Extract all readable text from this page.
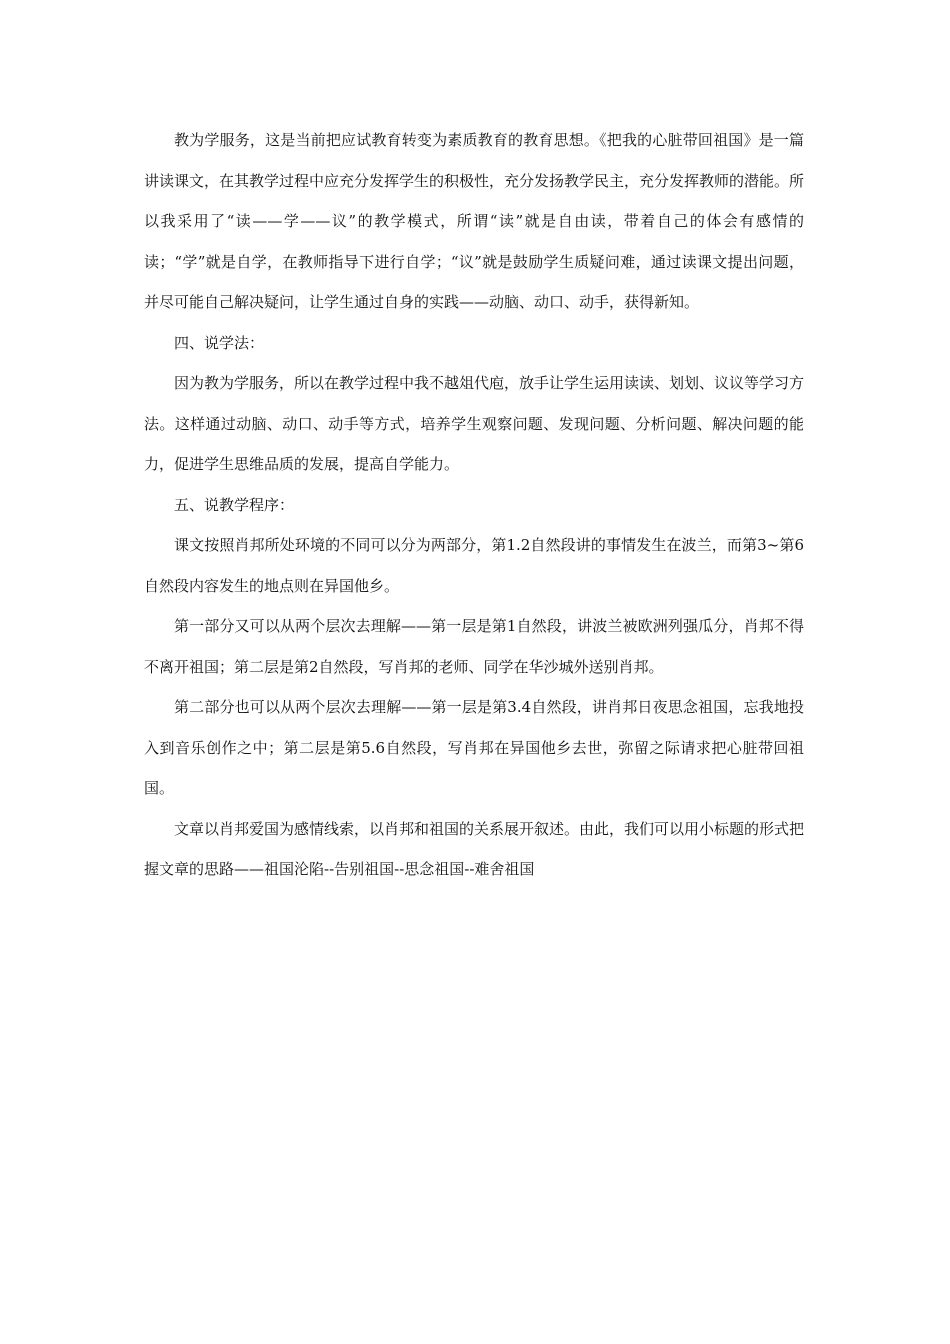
教为学服务，这是当前把应试教育转变为素质教育的教育思想。《把我的心脏带回祖国》是一篇讲读课文，在其教学过程中应充分发挥学生的积极性，充分发扬教学民主，充分发挥教师的潜能。所以我采用了“读——学——议”的教学模式，所谓“读”就是自由读，带着自己的体会有感情的读；“学”就是自学，在教师指导下进行自学；“议”就是鼓励学生质疑问难，通过读课文提出问题，并尽可能自己解决疑问，让学生通过自身的实践——动脑、动口、动手，获得新知。

四、说学法：

因为教为学服务，所以在教学过程中我不越俎代庖，放手让学生运用读读、划划、议议等学习方法。这样通过动脑、动口、动手等方式，培养学生观察问题、发现问题、分析问题、解决问题的能力，促进学生思维品质的发展，提高自学能力。

五、说教学程序：

课文按照肖邦所处环境的不同可以分为两部分，第1.2自然段讲的事情发生在波兰，而第3~第6自然段内容发生的地点则在异国他乡。

第一部分又可以从两个层次去理解——第一层是第1自然段，讲波兰被欧洲列强瓜分，肖邦不得不离开祖国；第二层是第2自然段，写肖邦的老师、同学在华沙城外送别肖邦。

第二部分也可以从两个层次去理解——第一层是第3.4自然段，讲肖邦日夜思念祖国，忘我地投入到音乐创作之中；第二层是第5.6自然段，写肖邦在异国他乡去世，弥留之际请求把心脏带回祖国。

文章以肖邦爱国为感情线索，以肖邦和祖国的关系展开叙述。由此，我们可以用小标题的形式把握文章的思路——祖国沦陷--告别祖国--思念祖国--难舍祖国
